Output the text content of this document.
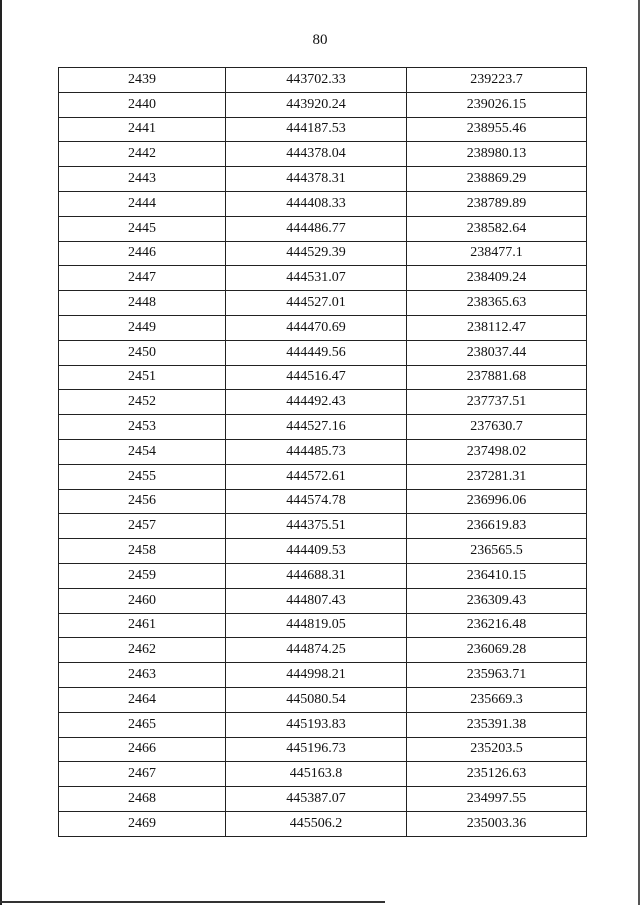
80
2439	443702.33	239223.7
2440	443920.24	239026.15
2441	444187.53	238955.46
2442	444378.04	238980.13
2443	444378.31	238869.29
2444	444408.33	238789.89
2445	444486.77	238582.64
2446	444529.39	238477.1
2447	444531.07	238409.24
2448	444527.01	238365.63
2449	444470.69	238112.47
2450	444449.56	238037.44
2451	444516.47	237881.68
2452	444492.43	237737.51
2453	444527.16	237630.7
2454	444485.73	237498.02
2455	444572.61	237281.31
2456	444574.78	236996.06
2457	444375.51	236619.83
2458	444409.53	236565.5
2459	444688.31	236410.15
2460	444807.43	236309.43
2461	444819.05	236216.48
2462	444874.25	236069.28
2463	444998.21	235963.71
2464	445080.54	235669.3
2465	445193.83	235391.38
2466	445196.73	235203.5
2467	445163.8	235126.63
2468	445387.07	234997.55
2469	445506.2	235003.36
